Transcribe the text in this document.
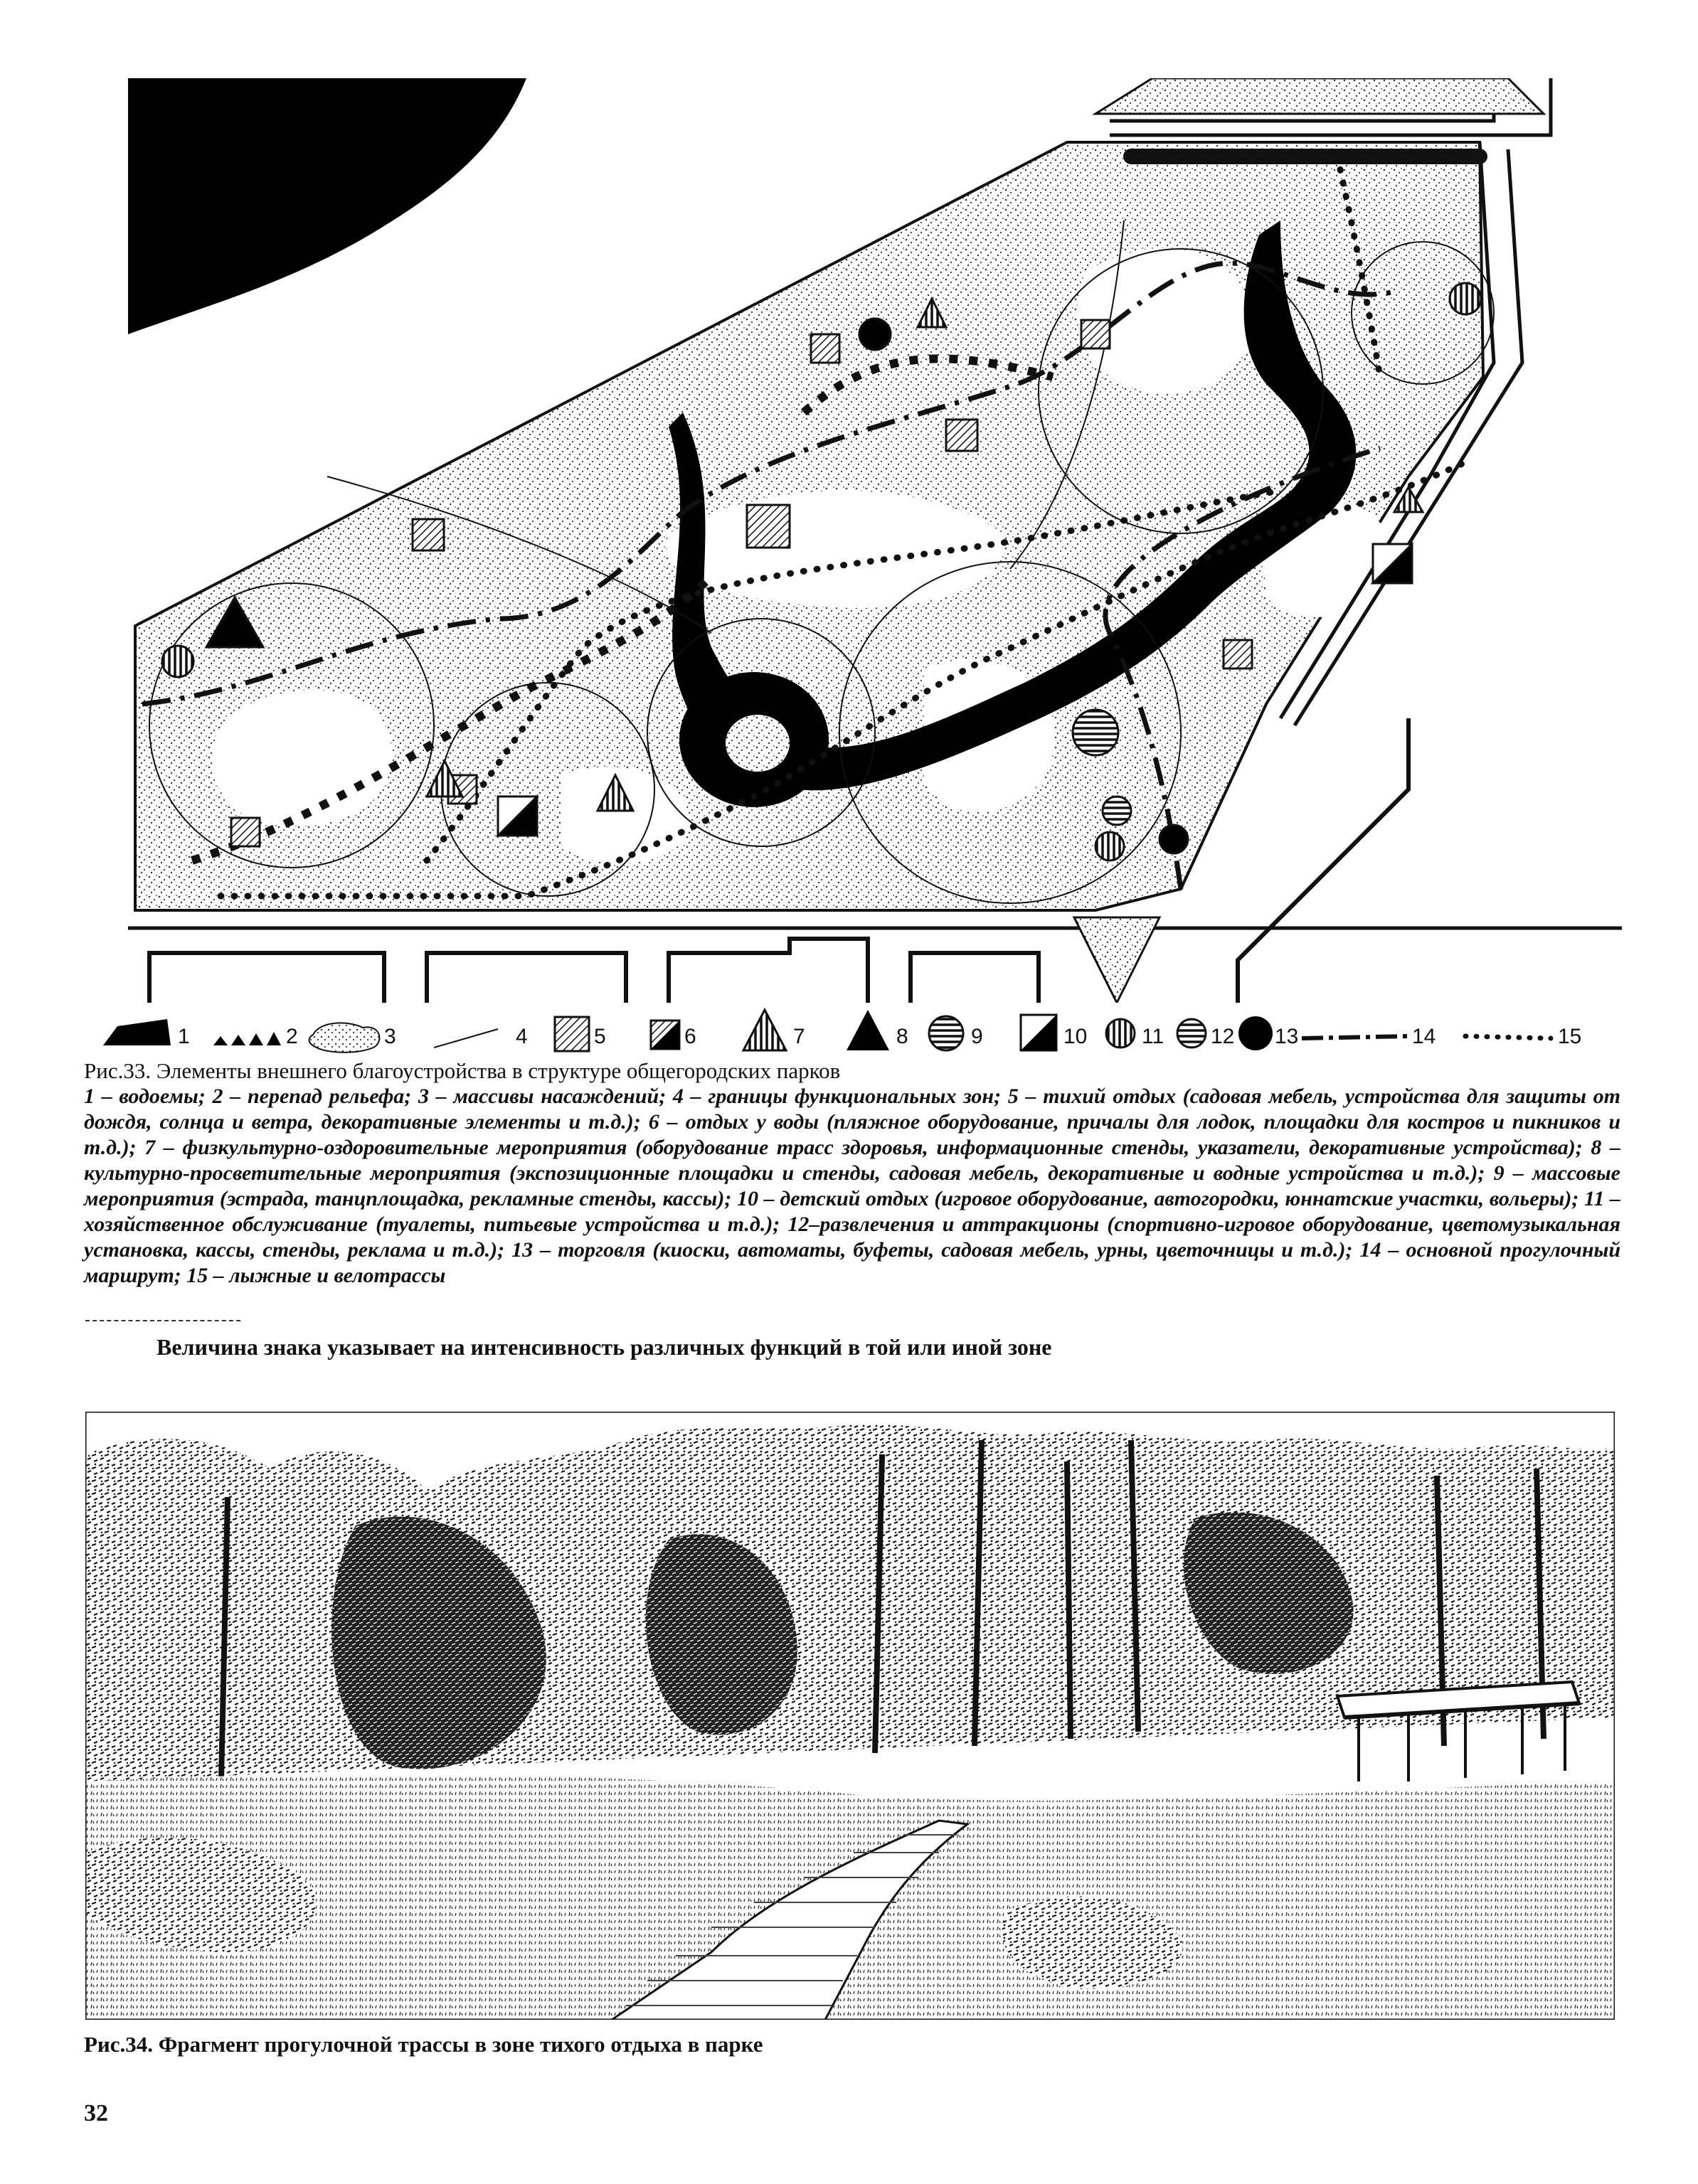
1	2	3	4	5	6	7	8	9	10	11 12 13	14	15
Рис.33. Элементы внешнего благоустройства в структуре общегородских парков
1 – водоемы; 2 – перепад рельефа; 3 – массивы насаждений; 4 – границы функциональных зон; 5 – тихий отдых (садовая мебель, устройства для защиты от дождя, солнца и ветра, декоративные элементы и т.д.); 6 – отдых у воды (пляжное оборудование, причалы для лодок, площадки для костров и пикников и т.д.); 7 – физкультурно-оздоровительные мероприятия (оборудование трасс здоровья, информационные стенды, указатели, декоративные устройства); 8 – культурно-просветительные мероприятия (экспозиционные площадки и стенды, садовая мебель, декоративные и водные устройства и т.д.); 9 – массовые мероприятия (эстрада, танцплощадка, рекламные стенды, кассы); 10 – детский отдых (игровое оборудование, автогородки, юннатские участки, вольеры); 11 – хозяйственное обслуживание (туалеты, питьевые устройства и т.д.); 12–развлечения и аттракционы (спортивно-игровое оборудование, цветомузыкальная установка, кассы, стенды, реклама и т.д.); 13 – торговля (киоски, автоматы, буфеты, садовая мебель, урны, цветочницы и т.д.); 14 – основной прогулочный маршрут; 15 – лыжные и велотрассы
Величина знака указывает на интенсивность различных функций в той или иной зоне
Рис.34. Фрагмент прогулочной трассы в зоне тихого отдыха в парке
32
